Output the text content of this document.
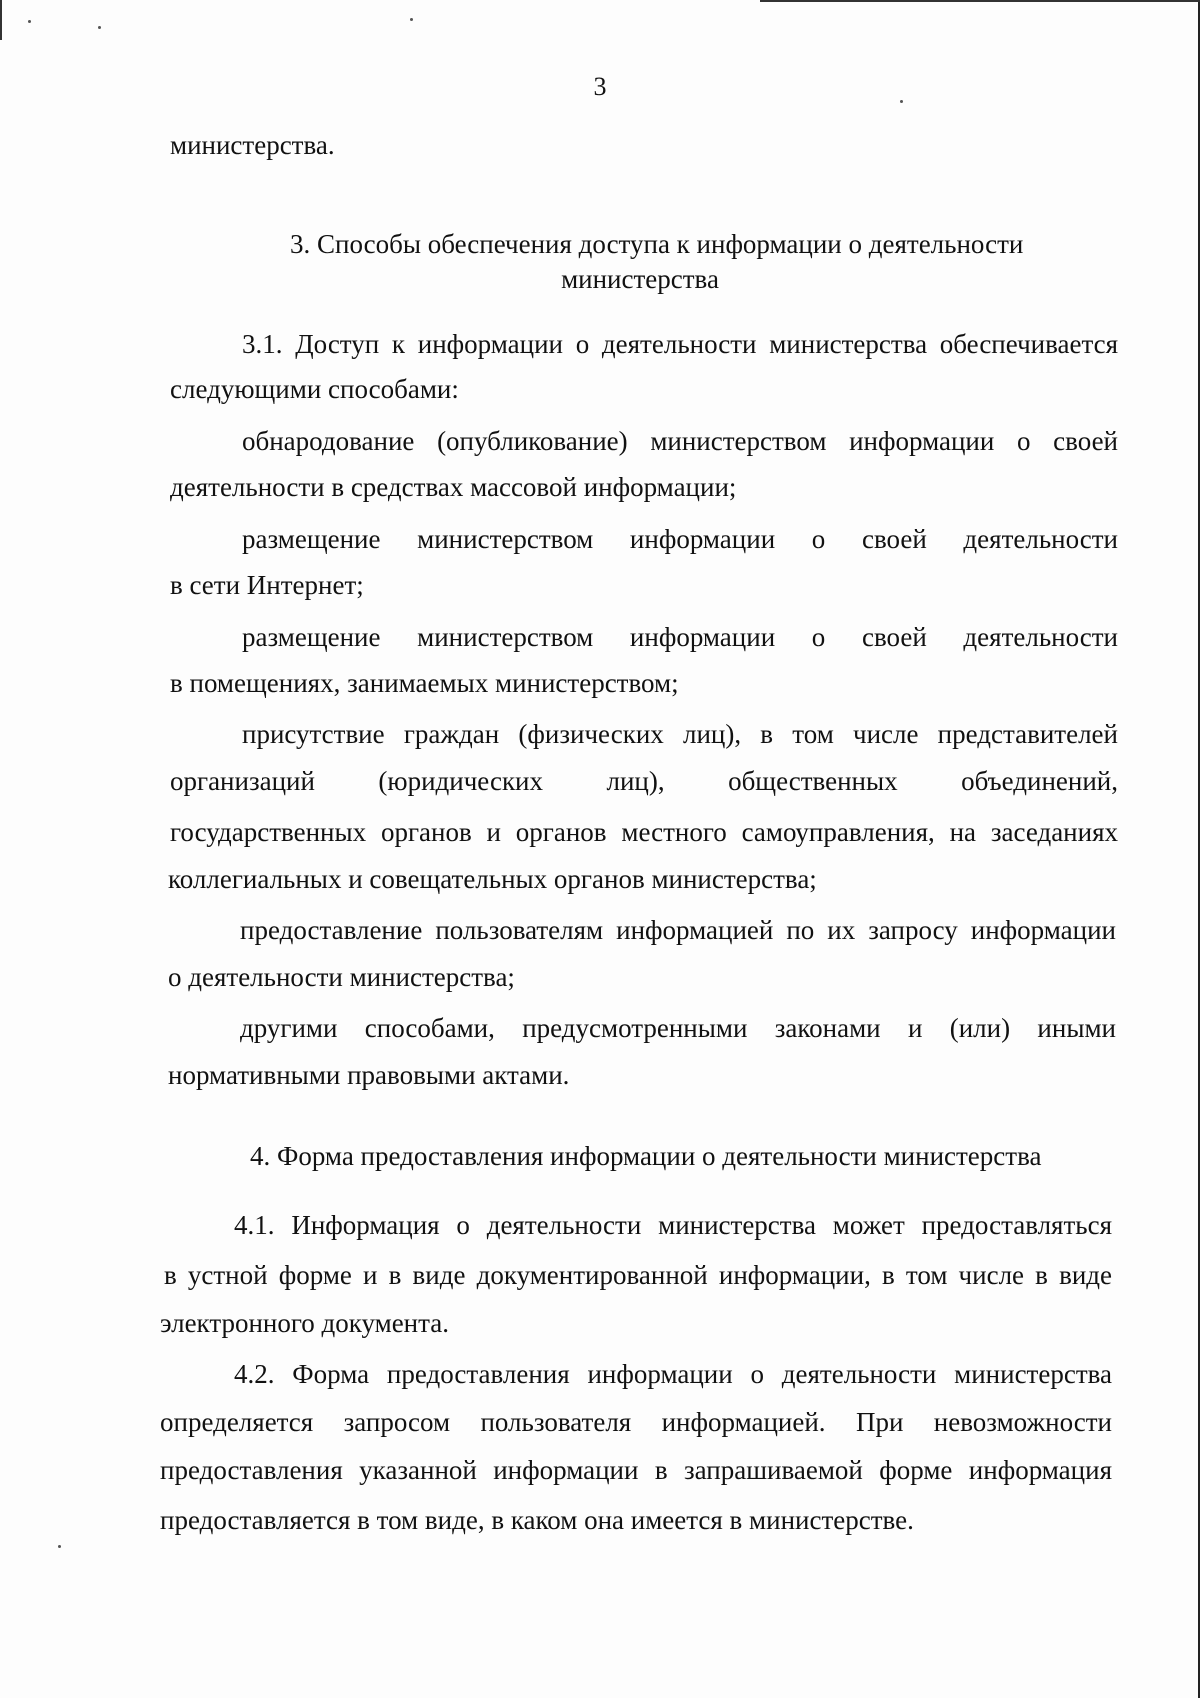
3
министерства.
3. Способы обеспечения доступа к информации о деятельности
министерства
3.1. Доступ к информации о деятельности министерства обеспечивается
следующими способами:
обнародование (опубликование) министерством информации о своей
деятельности в средствах массовой информации;
размещение министерством информации о своей деятельности
в сети Интернет;
размещение министерством информации о своей деятельности
в помещениях, занимаемых министерством;
присутствие граждан (физических лиц), в том числе представителей
организаций (юридических лиц), общественных объединений,
государственных органов и органов местного самоуправления, на заседаниях
коллегиальных и совещательных органов министерства;
предоставление пользователям информацией по их запросу информации
о деятельности министерства;
другими способами, предусмотренными законами и (или) иными
нормативными правовыми актами.
4. Форма предоставления информации о деятельности министерства
4.1. Информация о деятельности министерства может предоставляться
в устной форме и в виде документированной информации, в том числе в виде
электронного документа.
4.2. Форма предоставления информации о деятельности министерства
определяется запросом пользователя информацией. При невозможности
предоставления указанной информации в запрашиваемой форме информация
предоставляется в том виде, в каком она имеется в министерстве.
